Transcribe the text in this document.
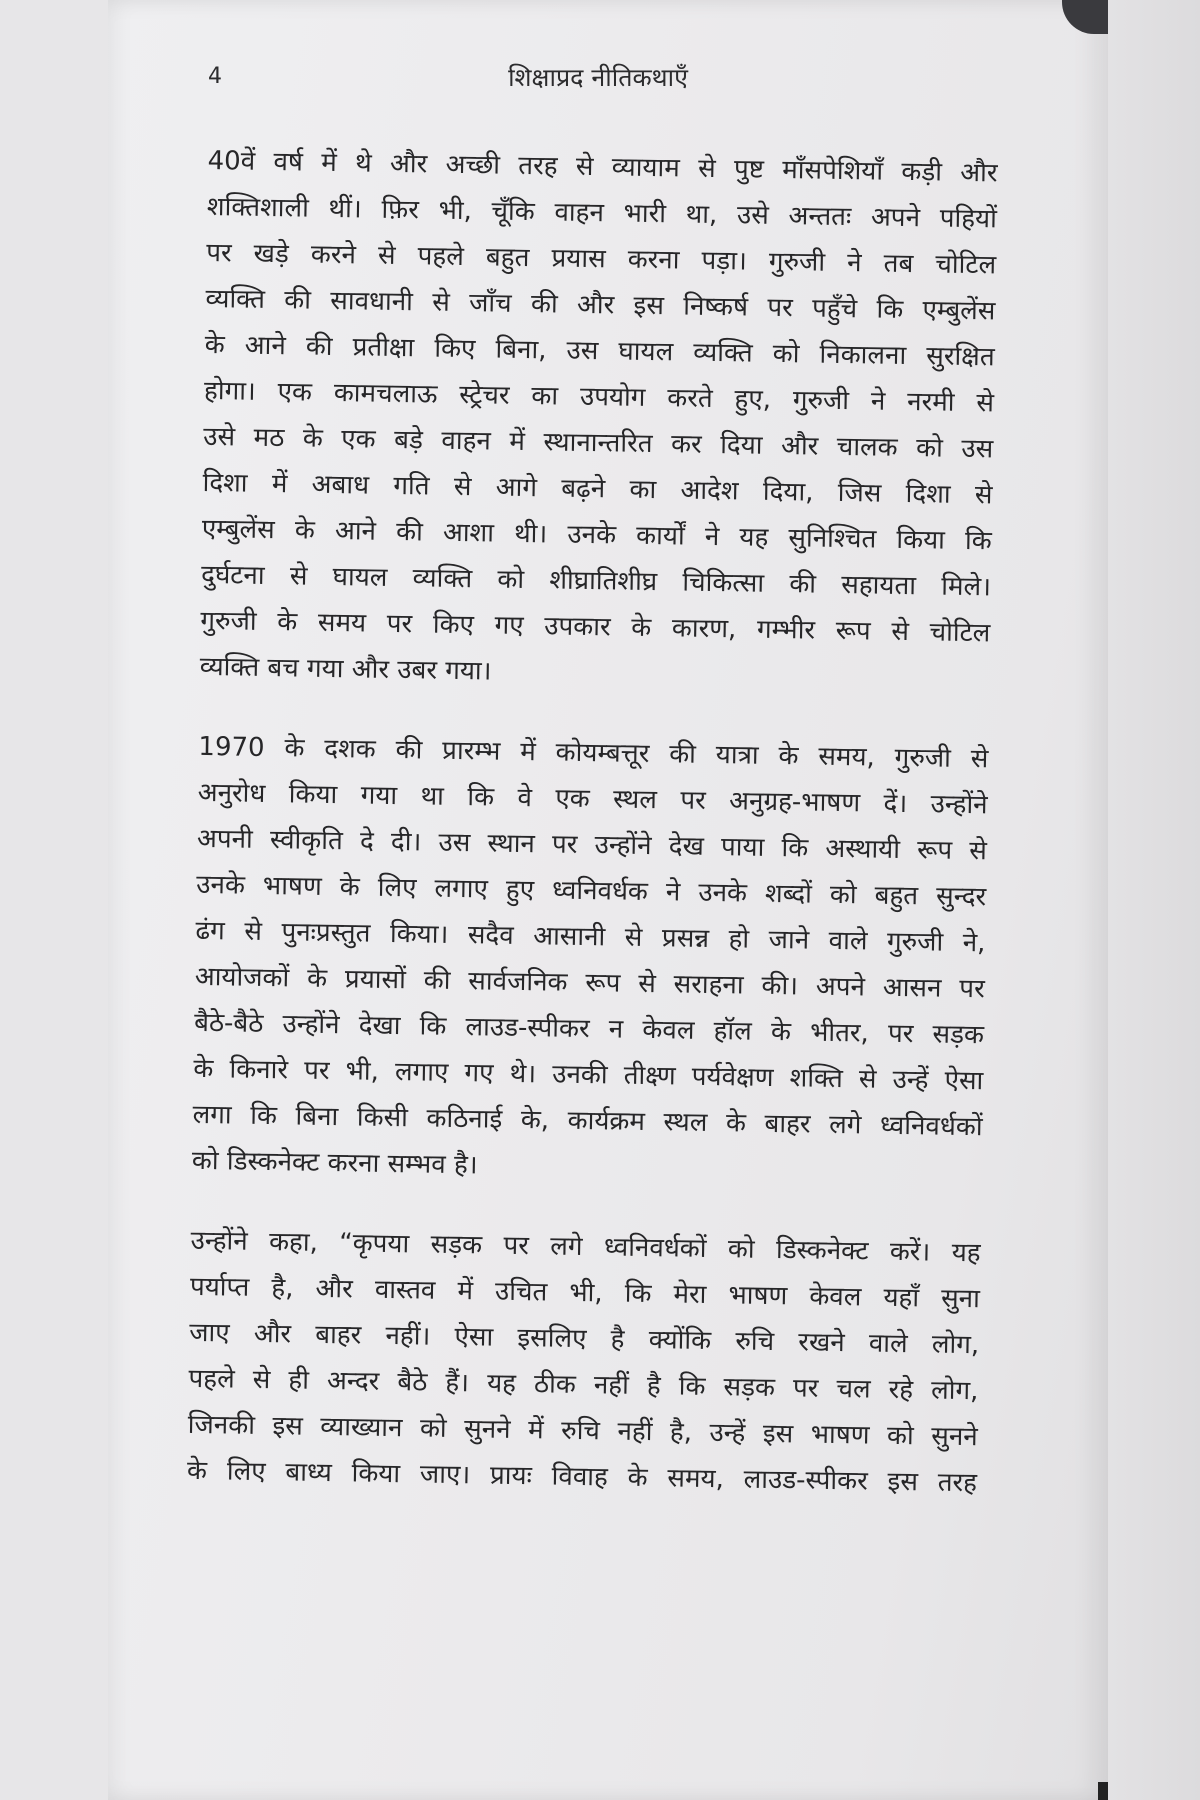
4	शिक्षाप्रद नीतिकथाएँ
40वें वर्ष में थे और अच्छी तरह से व्यायाम से पुष्ट माँसपेशियाँ कड़ी और
शक्तिशाली थीं। फ़िर भी, चूँकि वाहन भारी था, उसे अन्ततः अपने पहियों
पर खड़े करने से पहले बहुत प्रयास करना पड़ा। गुरुजी ने तब चोटिल
व्यक्ति की सावधानी से जाँच की और इस निष्कर्ष पर पहुँचे कि एम्बुलेंस
के आने की प्रतीक्षा किए बिना, उस घायल व्यक्ति को निकालना सुरक्षित
होगा। एक कामचलाऊ स्ट्रेचर का उपयोग करते हुए, गुरुजी ने नरमी से
उसे मठ के एक बड़े वाहन में स्थानान्तरित कर दिया और चालक को उस
दिशा में अबाध गति से आगे बढ़ने का आदेश दिया, जिस दिशा से
एम्बुलेंस के आने की आशा थी। उनके कार्यों ने यह सुनिश्चित किया कि
दुर्घटना से घायल व्यक्ति को शीघ्रातिशीघ्र चिकित्सा की सहायता मिले।
गुरुजी के समय पर किए गए उपकार के कारण, गम्भीर रूप से चोटिल
व्यक्ति बच गया और उबर गया।
1970 के दशक की प्रारम्भ में कोयम्बत्तूर की यात्रा के समय, गुरुजी से
अनुरोध किया गया था कि वे एक स्थल पर अनुग्रह-भाषण दें। उन्होंने
अपनी स्वीकृति दे दी। उस स्थान पर उन्होंने देख पाया कि अस्थायी रूप से
उनके भाषण के लिए लगाए हुए ध्वनिवर्धक ने उनके शब्दों को बहुत सुन्दर
ढंग से पुनःप्रस्तुत किया। सदैव आसानी से प्रसन्न हो जाने वाले गुरुजी ने,
आयोजकों के प्रयासों की सार्वजनिक रूप से सराहना की। अपने आसन पर
बैठे-बैठे उन्होंने देखा कि लाउड-स्पीकर न केवल हॉल के भीतर, पर सड़क
के किनारे पर भी, लगाए गए थे। उनकी तीक्ष्ण पर्यवेक्षण शक्ति से उन्हें ऐसा
लगा कि बिना किसी कठिनाई के, कार्यक्रम स्थल के बाहर लगे ध्वनिवर्धकों
को डिस्कनेक्ट करना सम्भव है।
उन्होंने कहा, “कृपया सड़क पर लगे ध्वनिवर्धकों को डिस्कनेक्ट करें। यह
पर्याप्त है, और वास्तव में उचित भी, कि मेरा भाषण केवल यहाँ सुना
जाए और बाहर नहीं। ऐसा इसलिए है क्योंकि रुचि रखने वाले लोग,
पहले से ही अन्दर बैठे हैं। यह ठीक नहीं है कि सड़क पर चल रहे लोग,
जिनकी इस व्याख्यान को सुनने में रुचि नहीं है, उन्हें इस भाषण को सुनने
के लिए बाध्य किया जाए। प्रायः विवाह के समय, लाउड-स्पीकर इस तरह
